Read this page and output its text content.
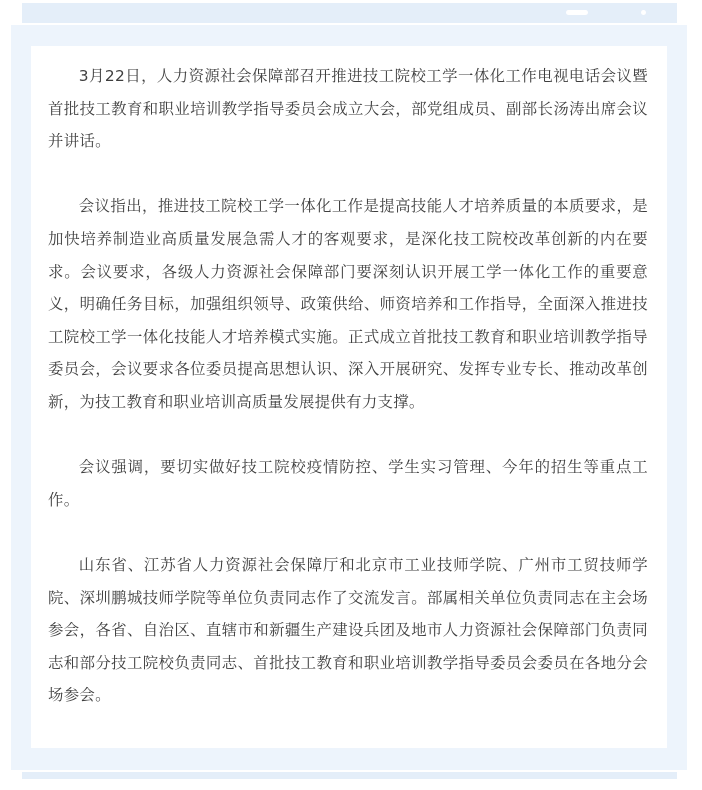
3月22日，人力资源社会保障部召开推进技工院校工学一体化工作电视电话会议暨首批技工教育和职业培训教学指导委员会成立大会，部党组成员、副部长汤涛出席会议并讲话。

会议指出，推进技工院校工学一体化工作是提高技能人才培养质量的本质要求，是加快培养制造业高质量发展急需人才的客观要求，是深化技工院校改革创新的内在要求。会议要求，各级人力资源社会保障部门要深刻认识开展工学一体化工作的重要意义，明确任务目标，加强组织领导、政策供给、师资培养和工作指导，全面深入推进技工院校工学一体化技能人才培养模式实施。正式成立首批技工教育和职业培训教学指导委员会，会议要求各位委员提高思想认识、深入开展研究、发挥专业专长、推动改革创新，为技工教育和职业培训高质量发展提供有力支撑。

会议强调，要切实做好技工院校疫情防控、学生实习管理、今年的招生等重点工作。

山东省、江苏省人力资源社会保障厅和北京市工业技师学院、广州市工贸技师学院、深圳鹏城技师学院等单位负责同志作了交流发言。部属相关单位负责同志在主会场参会，各省、自治区、直辖市和新疆生产建设兵团及地市人力资源社会保障部门负责同志和部分技工院校负责同志、首批技工教育和职业培训教学指导委员会委员在各地分会场参会。
